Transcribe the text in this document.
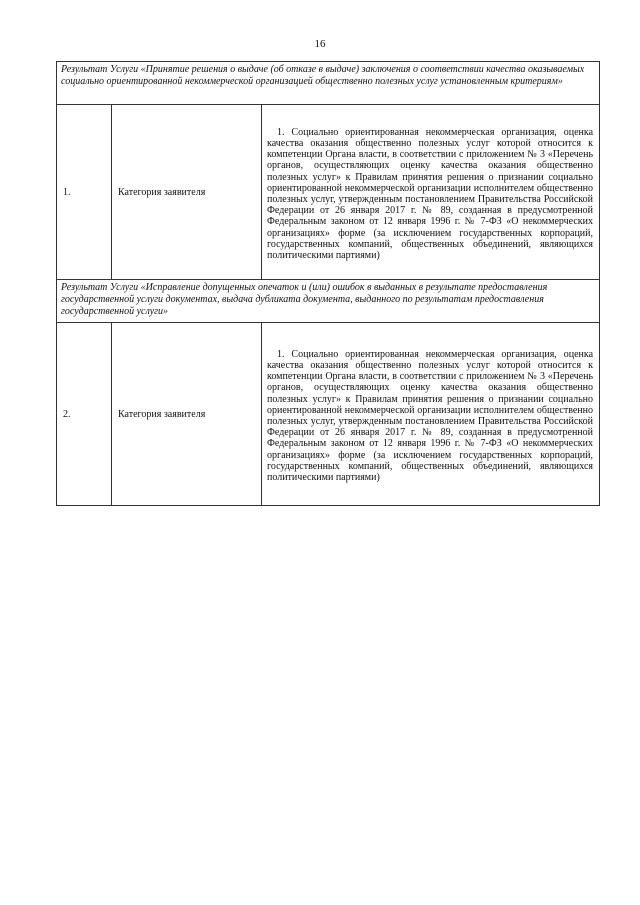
16
Результат Услуги «Принятие решения о выдаче (об отказе в выдаче) заключения о соответствии качества оказываемых социально ориентированной некоммерческой организацией общественно полезных услуг установленным критериям»		
1.	Категория заявителя	1. Социально ориентированная некоммерческая организация, оценка качества оказания общественно полезных услуг которой относится к компетенции Органа власти, в соответствии с приложением № 3 «Перечень органов, осуществляющих оценку качества оказания общественно полезных услуг» к Правилам принятия решения о признании социально ориентированной некоммерческой организации исполнителем общественно полезных услуг, утвержденным постановлением Правительства Российской Федерации от 26 января 2017 г. № 89, созданная в предусмотренной Федеральным законом от 12 января 1996 г. № 7-ФЗ «О некоммерческих организациях» форме (за исключением государственных корпораций, государственных компаний, общественных объединений, являющихся политическими партиями)
Результат Услуги «Исправление допущенных опечаток и (или) ошибок в выданных в результате предоставления государственной услуги документах, выдача дубликата документа, выданного по результатам предоставления государственной услуги»		
2.	Категория заявителя	1. Социально ориентированная некоммерческая организация, оценка качества оказания общественно полезных услуг которой относится к компетенции Органа власти, в соответствии с приложением № 3 «Перечень органов, осуществляющих оценку качества оказания общественно полезных услуг» к Правилам принятия решения о признании социально ориентированной некоммерческой организации исполнителем общественно полезных услуг, утвержденным постановлением Правительства Российской Федерации от 26 января 2017 г. № 89, созданная в предусмотренной Федеральным законом от 12 января 1996 г. № 7-ФЗ «О некоммерческих организациях» форме (за исключением государственных корпораций, государственных компаний, общественных объединений, являющихся политическими партиями)
